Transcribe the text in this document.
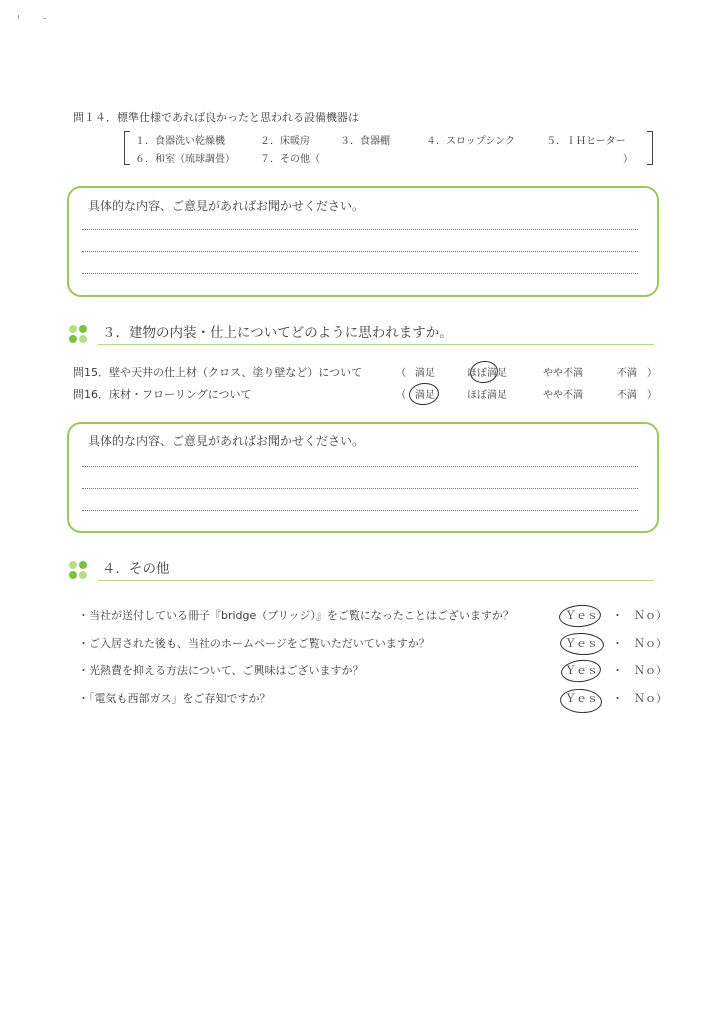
問１４．標準仕様であれば良かったと思われる設備機器は
１．食器洗い乾燥機	２．床暖房	３．食器棚	４．スロップシンク	５．ＩＨヒーター
６．和室（琉球調畳）	７．その他（	）
具体的な内容、ご意見があればお聞かせください。
３．建物の内装・仕上についてどのように思われますか。
問15．壁や天井の仕上材（クロス、塗り壁など）について	（ 満足	ほぼ満足	やや不満	不満 ）
問16．床材・フローリングについて	（ 満足	ほぼ満足	やや不満	不満 ）
具体的な内容、ご意見があればお聞かせください。
４．その他
・当社が送付している冊子『bridge（ブリッジ）』をご覧になったことはございますか？	Ｙｅｓ ・ Ｎｏ）
・ご入居された後も、当社のホームページをご覧いただいていますか？	Ｙｅｓ ・ Ｎｏ）
・光熱費を抑える方法について、ご興味はございますか？	Ｙｅｓ ・ Ｎｏ）
・「電気も西部ガス」をご存知ですか？	Ｙｅｓ ・ Ｎｏ）
